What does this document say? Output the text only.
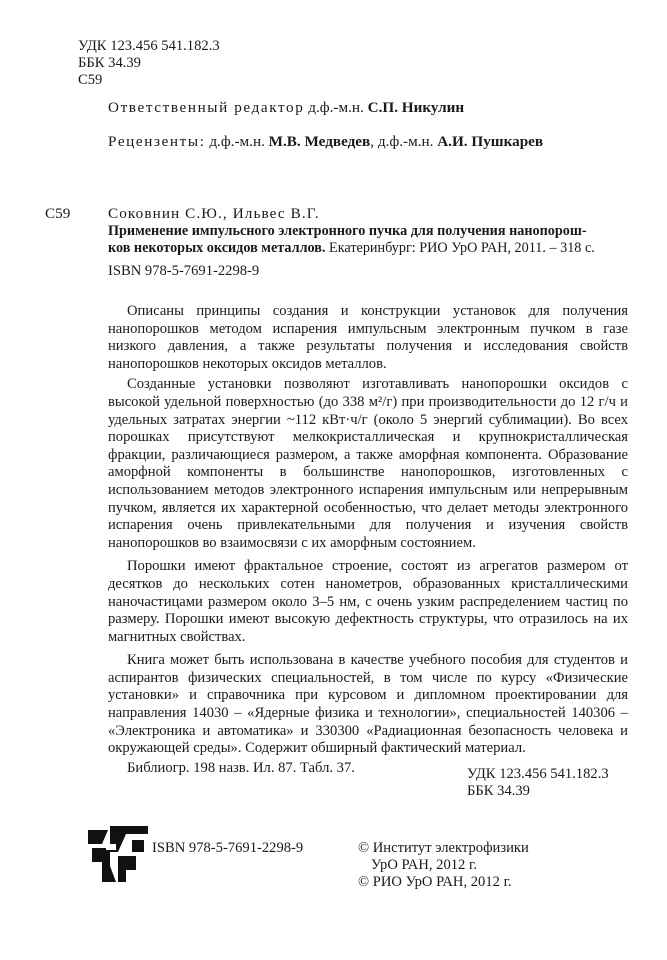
УДК 123.456 541.182.3
ББК 34.39
С59
Ответственный редактор д.ф.-м.н. С.П. Никулин
Рецензенты: д.ф.-м.н. М.В. Медведев, д.ф.-м.н. А.И. Пушкарев
С59 Соковнин С.Ю., Ильвес В.Г.
Применение импульсного электронного пучка для получения нанопорош-
ков некоторых оксидов металлов. Екатеринбург: РИО УрО РАН, 2011. – 318 с.
ISBN 978-5-7691-2298-9

Описаны принципы создания и конструкции установок для получения нанопорошков методом испарения импульсным электронным пучком в газе низкого давления, а также результаты получения и исследования свойств нанопорошков некоторых оксидов металлов.

Созданные установки позволяют изготавливать нанопорошки оксидов с высокой удельной поверхностью (до 338 м²/г) при производительности до 12 г/ч и удельных затратах энергии ~112 кВт·ч/г (около 5 энергий сублимации). Во всех порошках присутствуют мелкокристаллическая и крупнокристаллическая фракции, различающиеся размером, а также аморфная компонента. Образование аморфной компоненты в большинстве нанопорошков, изготовленных с использованием методов электронного испарения импульсным или непрерывным пучком, является их характерной особенностью, что делает методы электронного испарения очень привлекательными для получения и изучения свойств нанопорошков во взаимосвязи с их аморфным состоянием.

Порошки имеют фрактальное строение, состоят из агрегатов размером от десятков до нескольких сотен нанометров, образованных кристаллическими наночастицами размером около 3–5 нм, с очень узким распределением частиц по размеру. Порошки имеют высокую дефектность структуры, что отразилось на их магнитных свойствах.

Книга может быть использована в качестве учебного пособия для студентов и аспирантов физических специальностей, в том числе по курсу «Физические установки» и справочника при курсовом и дипломном проектировании для направления 14030 – «Ядерные физика и технологии», специальностей 140306 – «Электроника и автоматика» и 330300 «Радиационная безопасность человека и окружающей среды». Содержит обширный фактический материал.

Библиогр. 198 назв. Ил. 87. Табл. 37.	УДК 123.456 541.182.3
ББК 34.39
ISBN 978-5-7691-2298-9	© Институт электрофизики
УрО РАН, 2012 г.
© РИО УрО РАН, 2012 г.
